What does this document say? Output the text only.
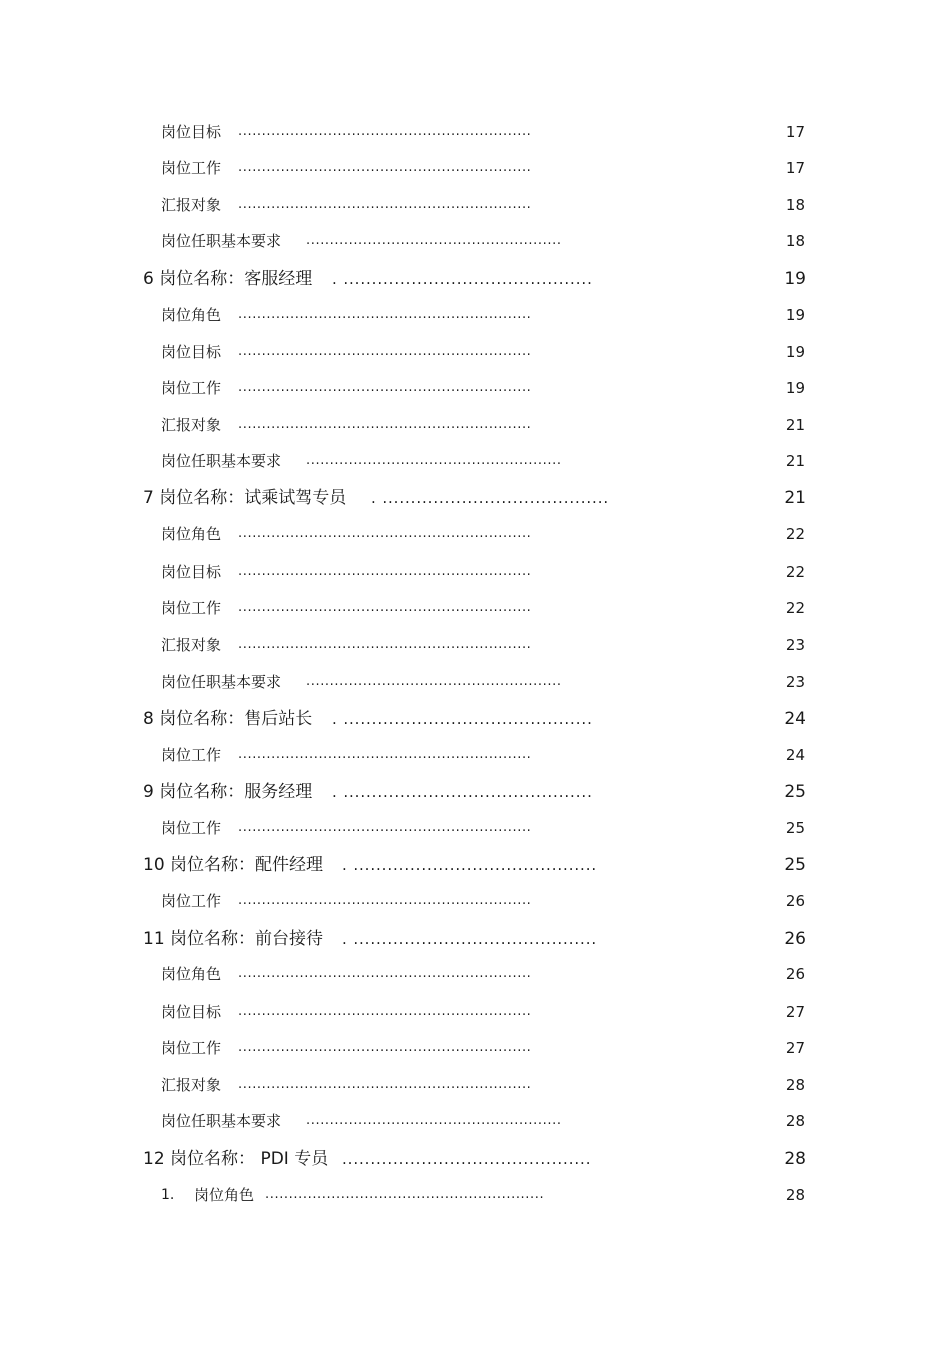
岗位目标 ..............................................................	17
岗位工作 ..............................................................	17
汇报对象 ..............................................................	18
岗位任职基本要求 ......................................................	18
6 岗位名称：客服经理 . ............................................	19
岗位角色 ..............................................................	19
岗位目标 ..............................................................	19
岗位工作 ..............................................................	19
汇报对象 ..............................................................	21
岗位任职基本要求 ......................................................	21
7 岗位名称：试乘试驾专员 . ........................................	21
岗位角色 ..............................................................	22
岗位目标 ..............................................................	22
岗位工作 ..............................................................	22
汇报对象 ..............................................................	23
岗位任职基本要求 ......................................................	23
8 岗位名称：售后站长 . ............................................	24
岗位工作 ..............................................................	24
9 岗位名称：服务经理 . ............................................	25
岗位工作 ..............................................................	25
10 岗位名称：配件经理 . ...........................................	25
岗位工作 ..............................................................	26
11 岗位名称：前台接待 . ...........................................	26
岗位角色 ..............................................................	26
岗位目标 ..............................................................	27
岗位工作 ..............................................................	27
汇报对象 ..............................................................	28
岗位任职基本要求 ......................................................	28
12 岗位名称： PDI 专员 ............................................	28
1. 岗位角色 ...........................................................	28
